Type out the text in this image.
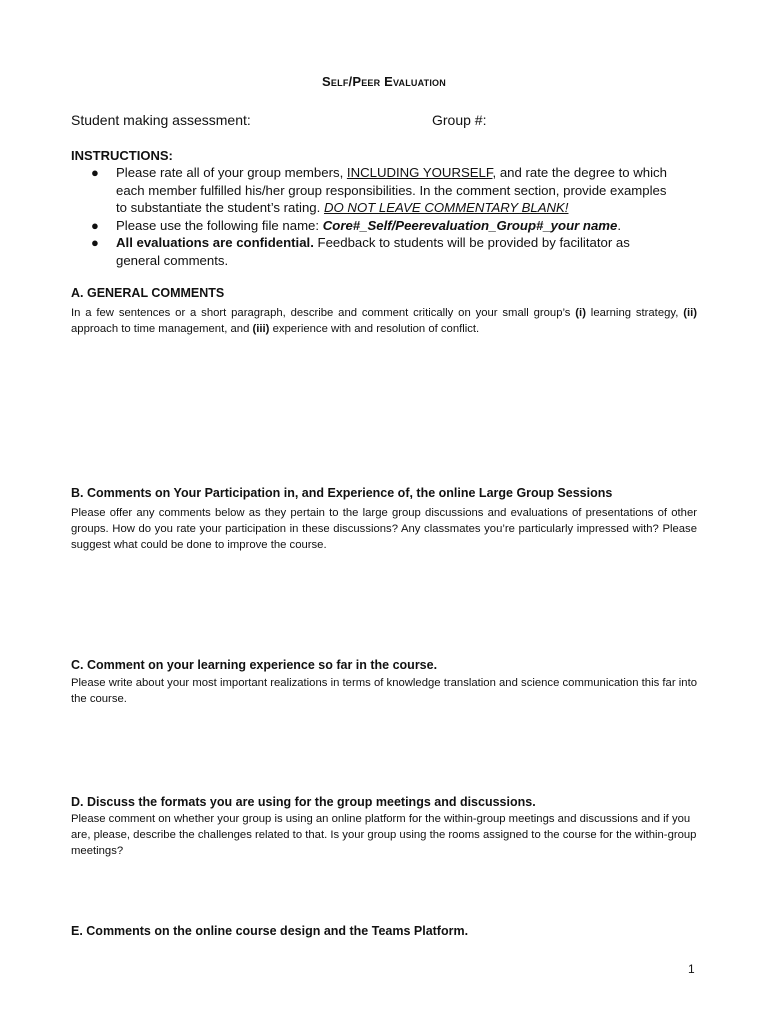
Self/Peer Evaluation
Student making assessment:	Group #:
INSTRUCTIONS:
● Please rate all of your group members, INCLUDING YOURSELF, and rate the degree to which each member fulfilled his/her group responsibilities. In the comment section, provide examples to substantiate the student’s rating. DO NOT LEAVE COMMENTARY BLANK!
● Please use the following file name: Core#_Self/Peerevaluation_Group#_your name.
● All evaluations are confidential. Feedback to students will be provided by facilitator as general comments.
A. GENERAL COMMENTS
In a few sentences or a short paragraph, describe and comment critically on your small group’s (i) learning strategy, (ii) approach to time management, and (iii) experience with and resolution of conflict.
B. Comments on Your Participation in, and Experience of, the online Large Group Sessions
Please offer any comments below as they pertain to the large group discussions and evaluations of presentations of other groups. How do you rate your participation in these discussions? Any classmates you’re particularly impressed with? Please suggest what could be done to improve the course.
C. Comment on your learning experience so far in the course.
Please write about your most important realizations in terms of knowledge translation and science communication this far into the course.
D. Discuss the formats you are using for the group meetings and discussions.
Please comment on whether your group is using an online platform for the within-group meetings and discussions and if you are, please, describe the challenges related to that. Is your group using the rooms assigned to the course for the within-group meetings?
E. Comments on the online course design and the Teams Platform.
1
